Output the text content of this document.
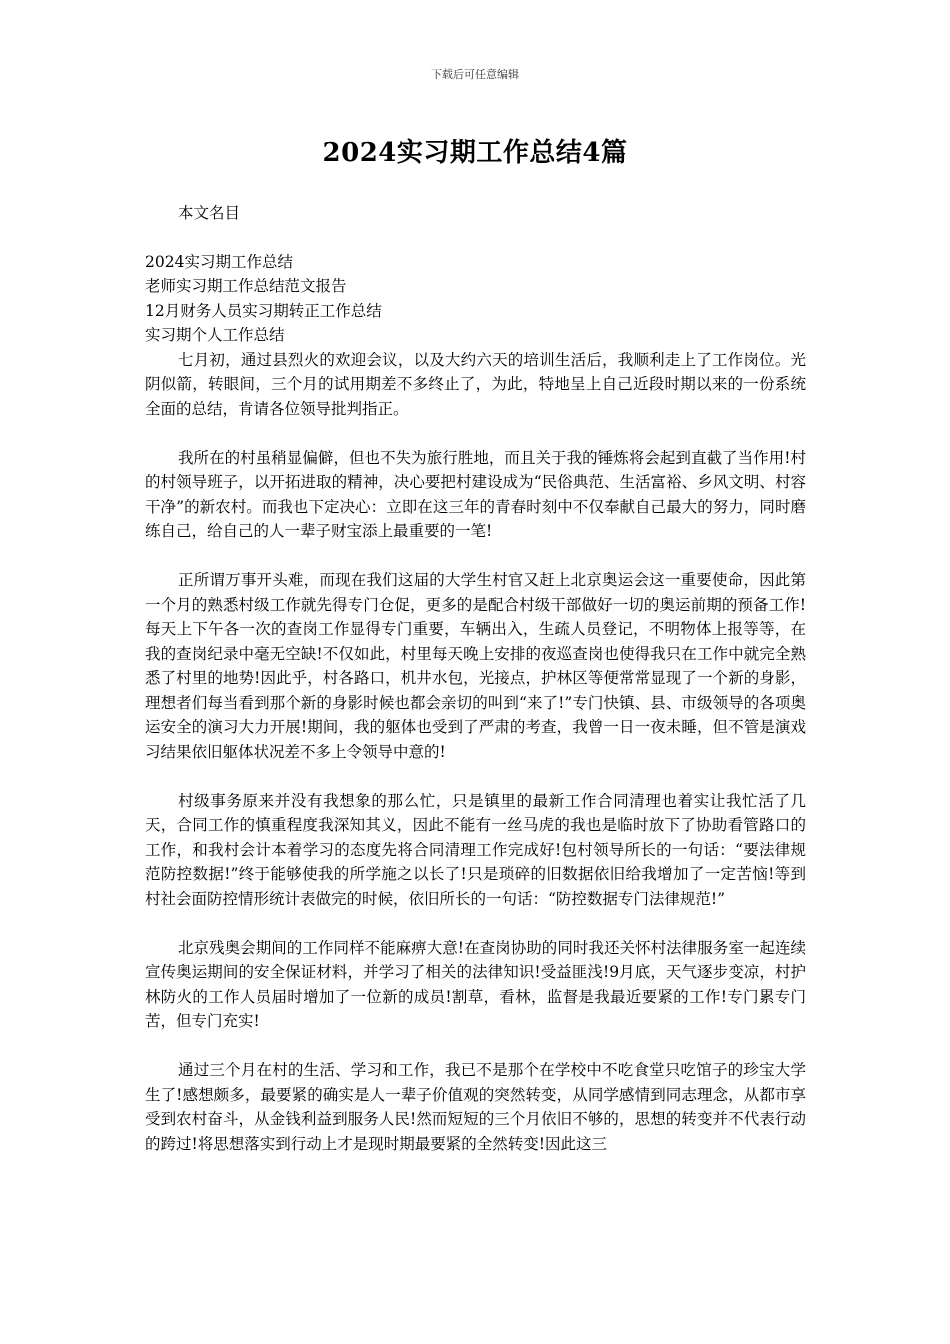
下载后可任意编辑
2024实习期工作总结4篇

本文名目

2024实习期工作总结
老师实习期工作总结范文报告
12月财务人员实习期转正工作总结
实习期个人工作总结

七月初，通过县烈火的欢迎会议，以及大约六天的培训生活后，我顺利走上了工作岗位。光阴似箭，转眼间，三个月的试用期差不多终止了，为此，特地呈上自己近段时期以来的一份系统全面的总结，肯请各位领导批判指正。

我所在的村虽稍显偏僻，但也不失为旅行胜地，而且关于我的锤炼将会起到直截了当作用!村的村领导班子，以开拓进取的精神，决心要把村建设成为“民俗典范、生活富裕、乡风文明、村容干净”的新农村。而我也下定决心：立即在这三年的青春时刻中不仅奉献自己最大的努力，同时磨练自己，给自己的人一辈子财宝添上最重要的一笔!

正所谓万事开头难，而现在我们这届的大学生村官又赶上北京奥运会这一重要使命，因此第一个月的熟悉村级工作就先得专门仓促，更多的是配合村级干部做好一切的奥运前期的预备工作!每天上下午各一次的查岗工作显得专门重要，车辆出入，生疏人员登记，不明物体上报等等，在我的查岗纪录中毫无空缺!不仅如此，村里每天晚上安排的夜巡查岗也使得我只在工作中就完全熟悉了村里的地势!因此乎，村各路口，机井水包，光接点，护林区等便常常显现了一个新的身影，理想者们每当看到那个新的身影时候也都会亲切的叫到“来了!”专门快镇、县、市级领导的各项奥运安全的演习大力开展!期间，我的躯体也受到了严肃的考查，我曾一日一夜未睡，但不管是演戏习结果依旧躯体状况差不多上令领导中意的!

村级事务原来并没有我想象的那么忙，只是镇里的最新工作合同清理也着实让我忙活了几天，合同工作的慎重程度我深知其义，因此不能有一丝马虎的我也是临时放下了协助看管路口的工作，和我村会计本着学习的态度先将合同清理工作完成好!包村领导所长的一句话：“要法律规范防控数据!”终于能够使我的所学施之以长了!只是琐碎的旧数据依旧给我增加了一定苦恼!等到村社会面防控情形统计表做完的时候，依旧所长的一句话：“防控数据专门法律规范!”

北京残奥会期间的工作同样不能麻痹大意!在查岗协助的同时我还关怀村法律服务室一起连续宣传奥运期间的安全保证材料，并学习了相关的法律知识!受益匪浅!9月底，天气逐步变凉，村护林防火的工作人员届时增加了一位新的成员!割草，看林，监督是我最近要紧的工作!专门累专门苦，但专门充实!

通过三个月在村的生活、学习和工作，我已不是那个在学校中不吃食堂只吃馆子的珍宝大学生了!感想颇多，最要紧的确实是人一辈子价值观的突然转变，从同学感情到同志理念，从都市享受到农村奋斗，从金钱利益到服务人民!然而短短的三个月依旧不够的，思想的转变并不代表行动的跨过!将思想落实到行动上才是现时期最要紧的全然转变!因此这三
